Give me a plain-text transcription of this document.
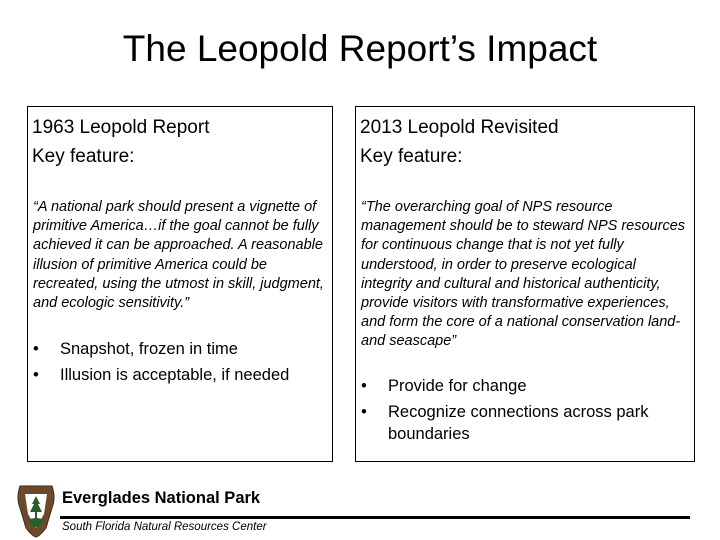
The Leopold Report’s Impact
1963 Leopold Report
Key feature:
“A national park should present a vignette of primitive America…if the goal cannot be fully achieved it can be approached. A reasonable illusion of primitive America could be recreated, using the utmost in skill, judgment, and ecologic sensitivity.”
• Snapshot, frozen in time
• Illusion is acceptable, if needed
2013 Leopold Revisited
Key feature:
“The overarching goal of NPS resource management should be to steward NPS resources for continuous change that is not yet fully understood, in order to preserve ecological integrity and cultural and historical authenticity, provide visitors with transformative experiences, and form the core of a national conservation land- and seascape”
• Provide for change
• Recognize connections across park boundaries
Everglades National Park
South Florida Natural Resources Center
